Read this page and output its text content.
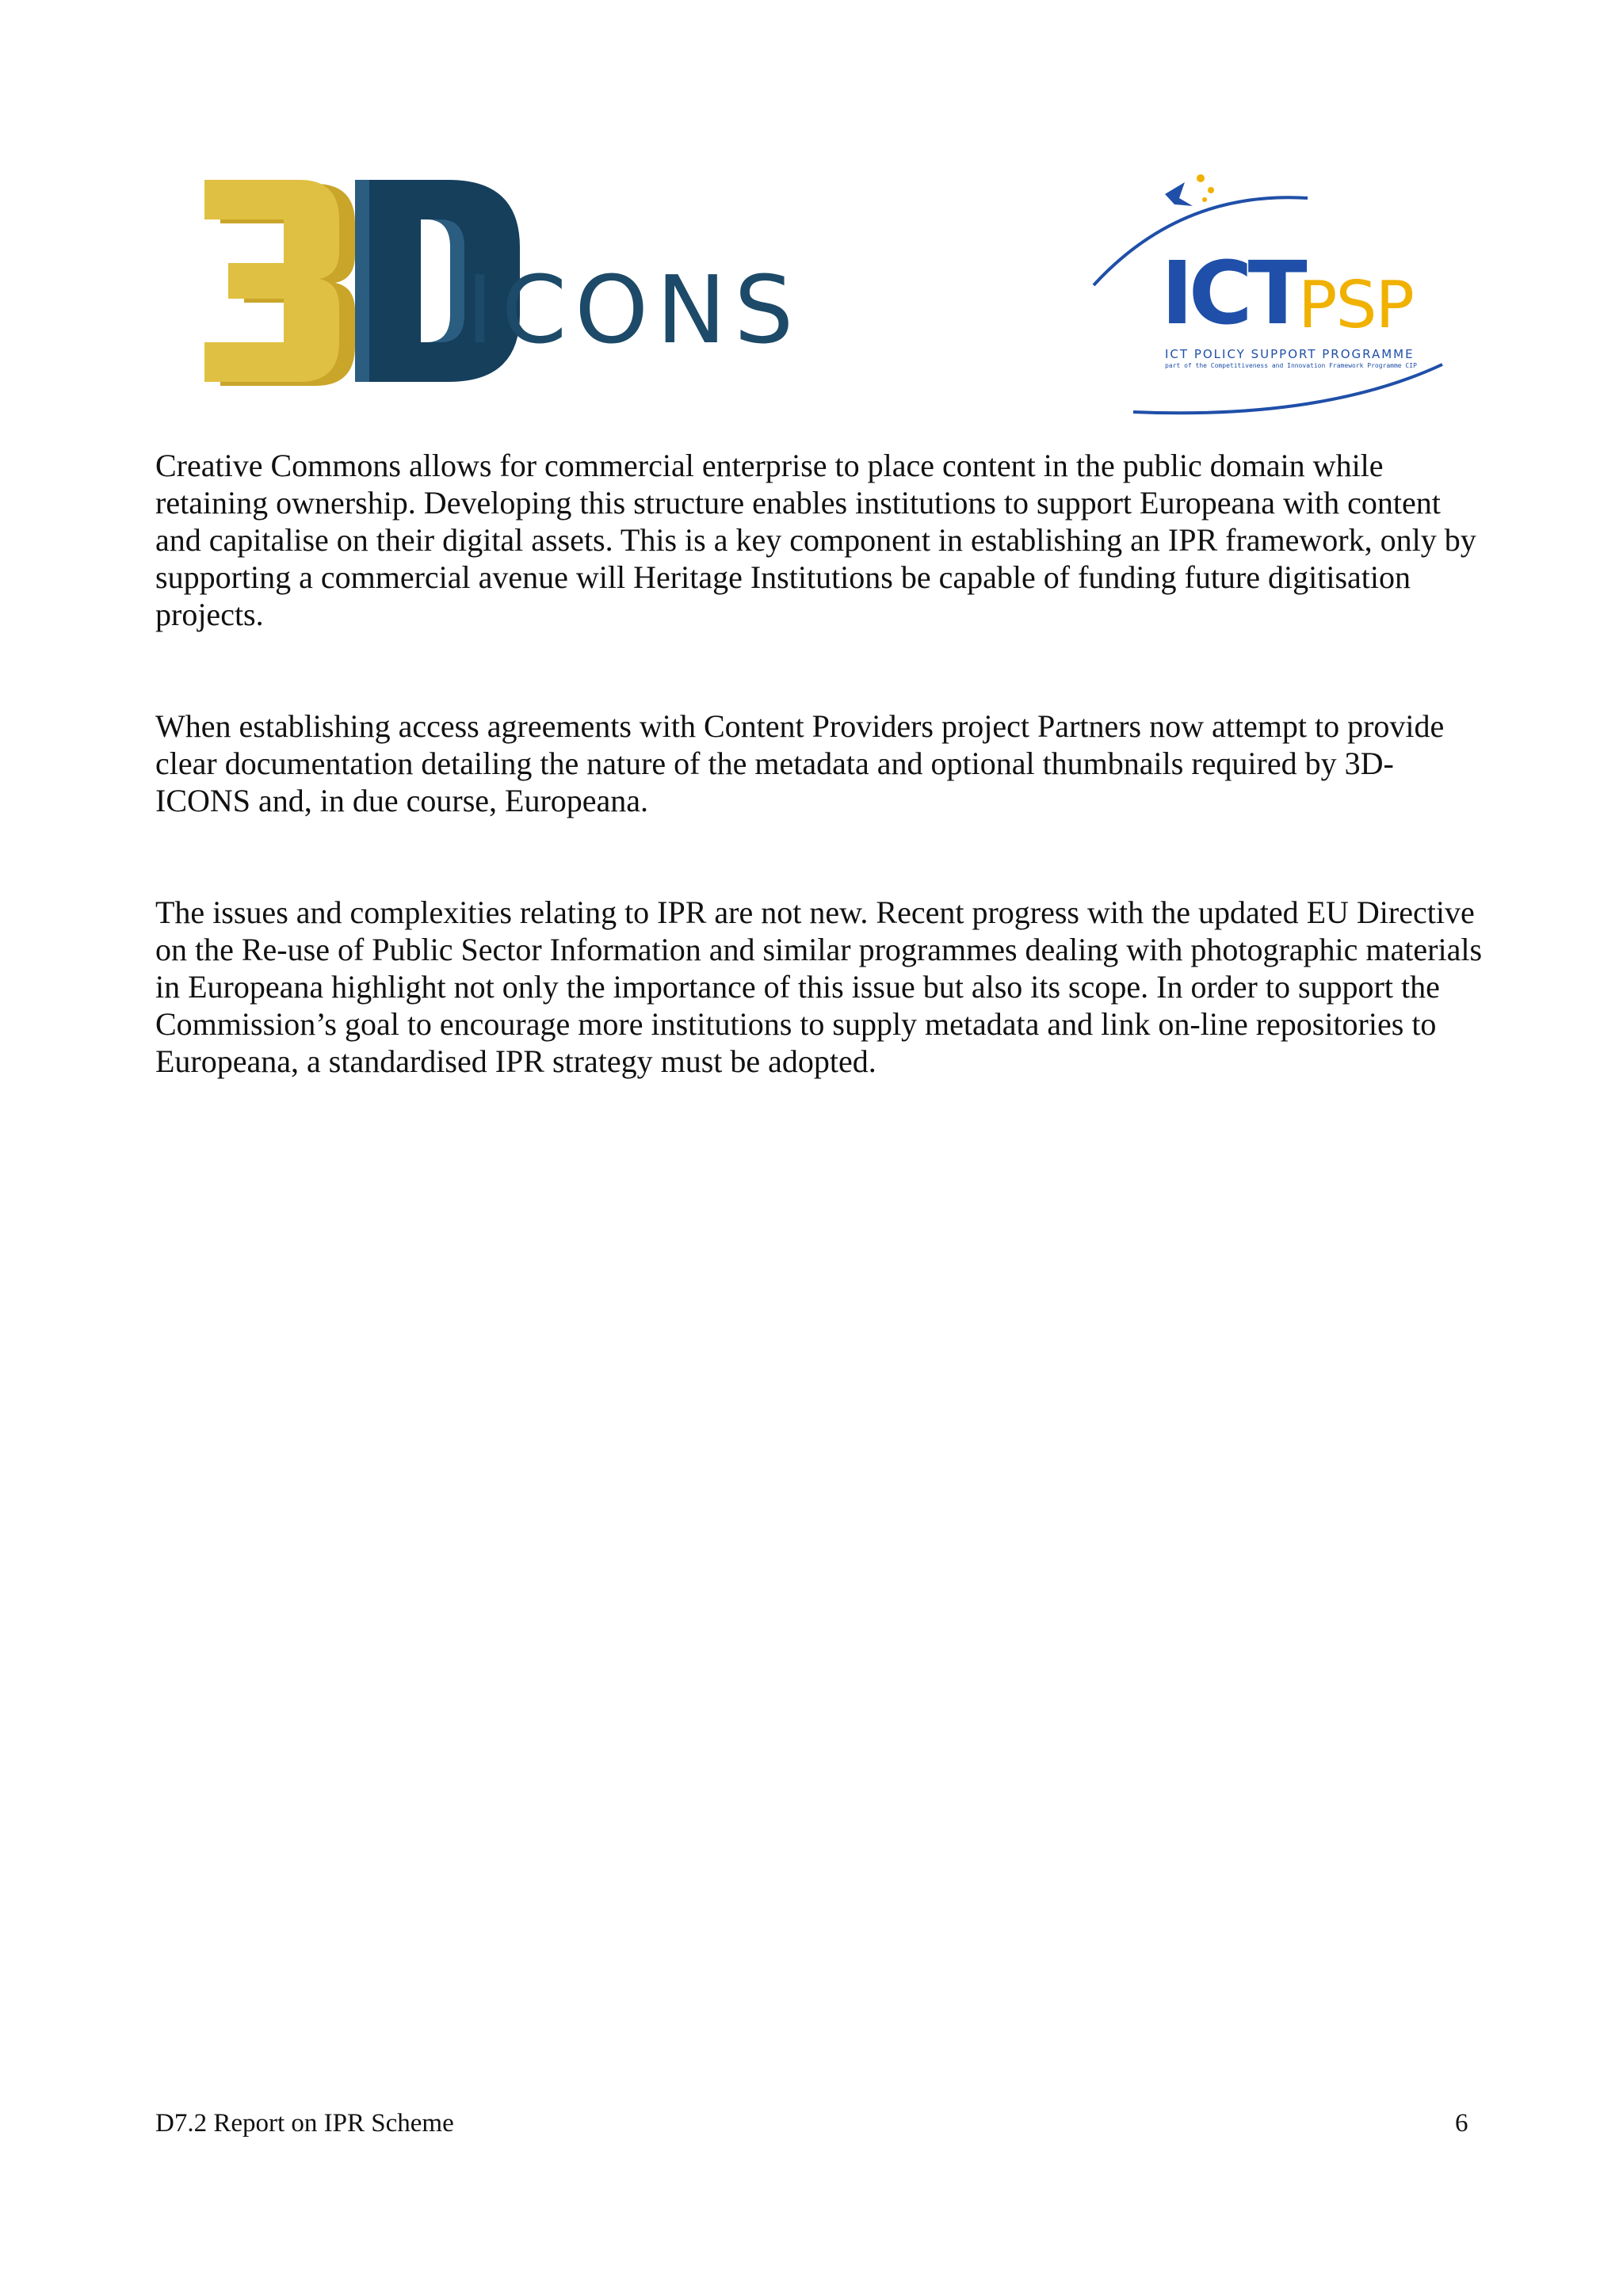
ICONS	ICT
PSP
ICT POLICY SUPPORT PROGRAMME
part of the Competitiveness and Innovation Framework Programme CIP

Creative Commons allows for commercial enterprise to place content in the public domain while retaining ownership. Developing this structure enables institutions to support Europeana with content and capitalise on their digital assets. This is a key component in establishing an IPR framework, only by supporting a commercial avenue will Heritage Institutions be capable of funding future digitisation projects.

When establishing access agreements with Content Providers project Partners now attempt to provide clear documentation detailing the nature of the metadata and optional thumbnails required by 3D-ICONS and, in due course, Europeana.

The issues and complexities relating to IPR are not new. Recent progress with the updated EU Directive on the Re-use of Public Sector Information and similar programmes dealing with photographic materials in Europeana highlight not only the importance of this issue but also its scope. In order to support the Commission’s goal to encourage more institutions to supply metadata and link on-line repositories to Europeana, a standardised IPR strategy must be adopted.

D7.2 Report on IPR Scheme	6
